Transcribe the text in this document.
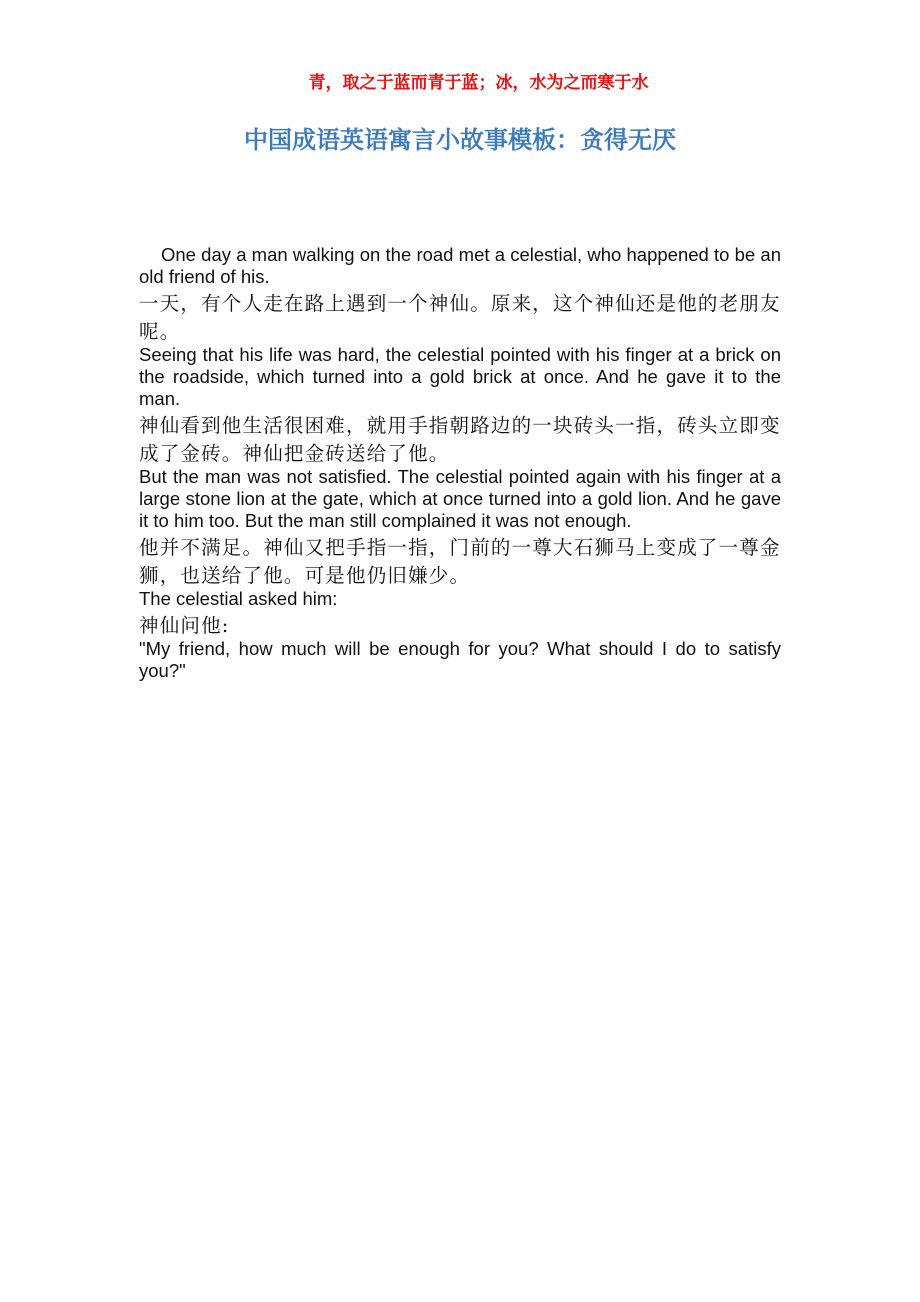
青，取之于蓝而青于蓝；冰，水为之而寒于水
中国成语英语寓言小故事模板：贪得无厌

One day a man walking on the road met a celestial, who happened to be an old friend of his.

一天，有个人走在路上遇到一个神仙。原来，这个神仙还是他的老朋友呢。

Seeing that his life was hard, the celestial pointed with his finger at a brick on the roadside, which turned into a gold brick at once. And he gave it to the man.

神仙看到他生活很困难，就用手指朝路边的一块砖头一指，砖头立即变成了金砖。神仙把金砖送给了他。

But the man was not satisfied. The celestial pointed again with his finger at a large stone lion at the gate, which at once turned into a gold lion. And he gave it to him too. But the man still complained it was not enough.

他并不满足。神仙又把手指一指，门前的一尊大石狮马上变成了一尊金狮，也送给了他。可是他仍旧嫌少。

The celestial asked him:

神仙问他:

"My friend, how much will be enough for you? What should I do to satisfy you?"
